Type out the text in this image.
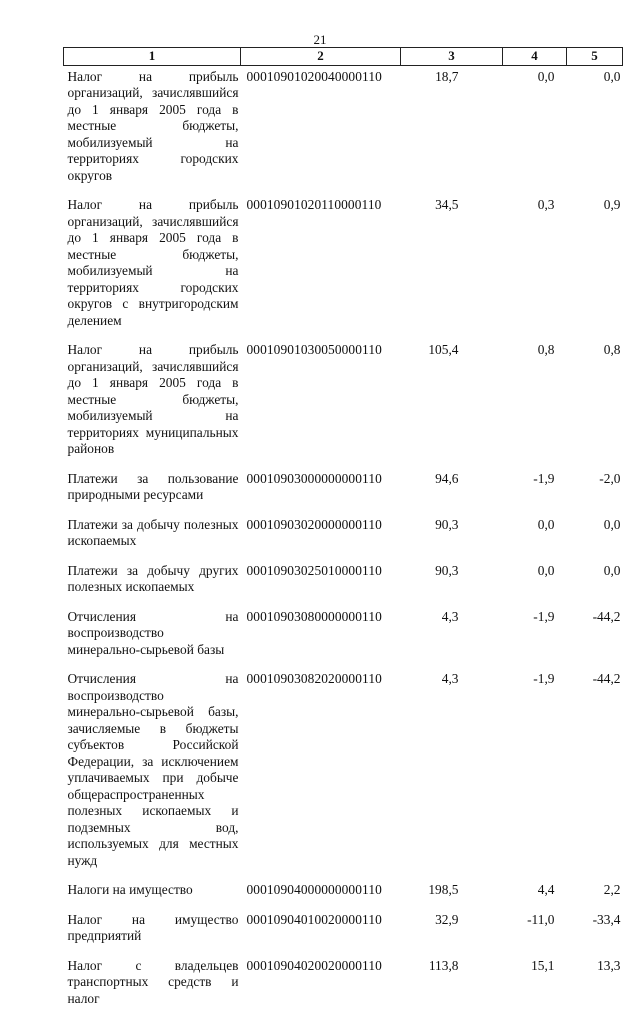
21
1	2	3	4	5
Налог на прибыль организаций, зачислявшийся до 1 января 2005 года в местные бюджеты, мобилизуемый на территориях городских округов	00010901020040000110	18,7	0,0	0,0
Налог на прибыль организаций, зачислявшийся до 1 января 2005 года в местные бюджеты, мобилизуемый на территориях городских округов с внутригородским делением	00010901020110000110	34,5	0,3	0,9
Налог на прибыль организаций, зачислявшийся до 1 января 2005 года в местные бюджеты, мобилизуемый на территориях муниципальных районов	00010901030050000110	105,4	0,8	0,8
Платежи за пользование природными ресурсами	00010903000000000110	94,6	-1,9	-2,0
Платежи за добычу полезных ископаемых	00010903020000000110	90,3	0,0	0,0
Платежи за добычу других полезных ископаемых	00010903025010000110	90,3	0,0	0,0
Отчисления на воспроизводство минерально-сырьевой базы	00010903080000000110	4,3	-1,9	-44,2
Отчисления на воспроизводство минерально-сырьевой базы, зачисляемые в бюджеты субъектов Российской Федерации, за исключением уплачиваемых при добыче общераспространенных полезных ископаемых и подземных вод, используемых для местных нужд	00010903082020000110	4,3	-1,9	-44,2
Налоги на имущество	00010904000000000110	198,5	4,4	2,2
Налог на имущество предприятий	00010904010020000110	32,9	-11,0	-33,4
Налог с владельцев транспортных средств и налог	00010904020020000110	113,8	15,1	13,3
